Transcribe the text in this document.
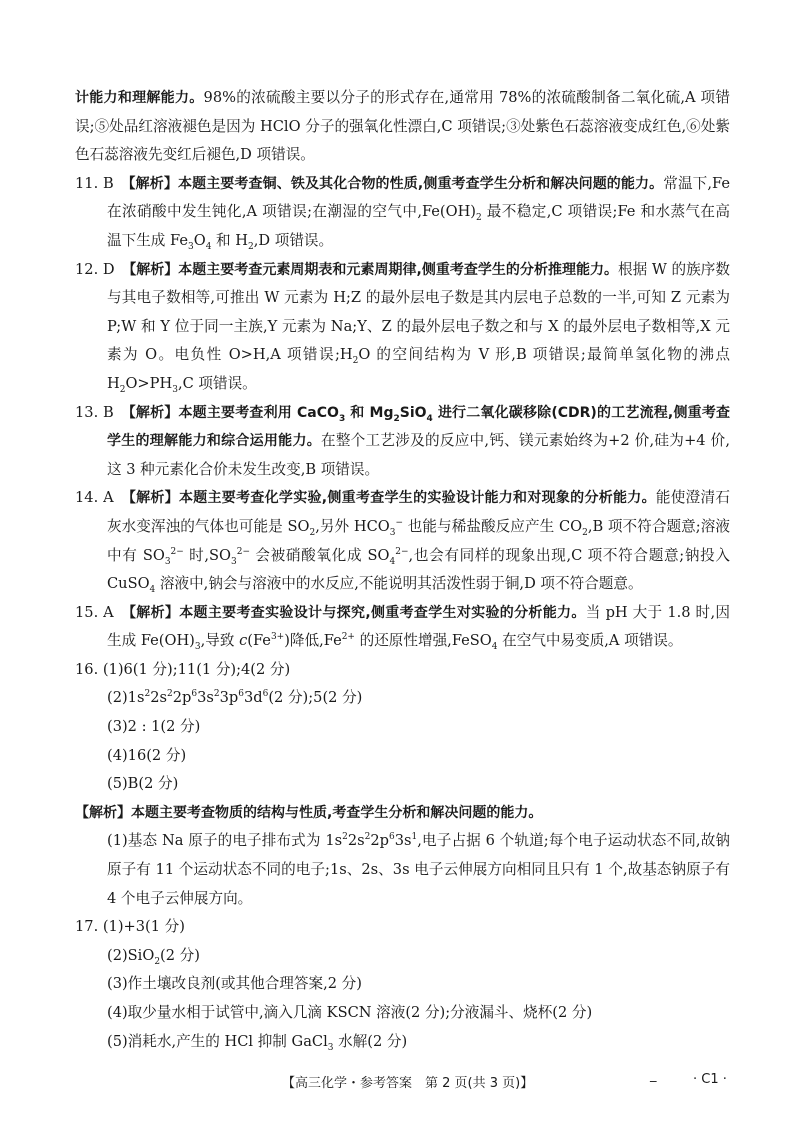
计能力和理解能力。98%的浓硫酸主要以分子的形式存在,通常用 78%的浓硫酸制备二氧化硫,A 项错误;⑤处品红溶液褪色是因为 HClO 分子的强氧化性漂白,C 项错误;③处紫色石蕊溶液变成红色,⑥处紫色石蕊溶液先变红后褪色,D 项错误。

11. B　【解析】本题主要考查铜、铁及其化合物的性质,侧重考查学生分析和解决问题的能力。常温下,Fe 在浓硝酸中发生钝化,A 项错误;在潮湿的空气中$,Fe(OH)_2$ 最不稳定,C 项错误;Fe 和水蒸气在高温下生成 $Fe_3O_4$ 和 $H_2,D$ 项错误。

12. D　【解析】本题主要考查元素周期表和元素周期律,侧重考查学生的分析推理能力。根据 W 的族序数与其电子数相等,可推出 W 元素为 H;Z 的最外层电子数是其内层电子总数的一半,可知 Z 元素为 P;W 和 Y 位于同一主族,Y 元素为 Na;Y、Z 的最外层电子数之和与 X 的最外层电子数相等,X 元素为 O。电负性 O>H,A 项错误$;H_2O$ 的空间结构为 V 形,B 项错误;最简单氢化物的沸点 $H_2O>PH_3,C$ 项错误。

13. B　【解析】本题主要考查利用 CaCO$_3$ 和 $Mg_2SiO_4$ 进行二氧化碳移除(CDR)的工艺流程,侧重考查学生的理解能力和综合运用能力。在整个工艺涉及的反应中,钙、镁元素始终为+2 价,硅为+4 价,这 3 种元素化合价未发生改变,B 项错误。

14. A　【解析】本题主要考查化学实验,侧重考查学生的实验设计能力和对现象的分析能力。能使澄清石灰水变浑浊的气体也可能是 $SO_2$,另外 $HCO_3^-$ 也能与稀盐酸反应产生 $CO_2,B$ 项不符合题意;溶液中有 $SO_3^{2-}$ 时$,SO_3^{2-}$ 会被硝酸氧化成 $SO_4^{2-}$,也会有同样的现象出现,C 项不符合题意;钠投入 CuSO$_4$ 溶液中,钠会与溶液中的水反应,不能说明其活泼性弱于铜,D 项不符合题意。

15. A　【解析】本题主要考查实验设计与探究,侧重考查学生对实验的分析能力。当 pH 大于 1.8 时,因生成 $Fe(OH)_3$,导致 $c(Fe^{3+})$降低$,Fe^{2+}$ 的还原性增强,FeSO$_4$ 在空气中易变质,A 项错误。

16. (1)6(1 分);11(1 分);4(2 分)

$(2)1s^22s^22p^63s^23p^63d^6(2$ 分);5(2 分)

(3)2 : 1(2 分)

(4)16(2 分)

(5)B(2 分)

【解析】本题主要考查物质的结构与性质,考查学生分析和解决问题的能力。

(1)基态 Na 原子的电子排布式为 $1s^22s^22p^63s^1$,电子占据 6 个轨道;每个电子运动状态不同,故钠原子有 11 个运动状态不同的电子;1s、2s、3s 电子云伸展方向相同且只有 1 个,故基态钠原子有 4 个电子云伸展方向。

17. (1)+3(1 分)

(2)SiO$_2$(2 分)

(3)作土壤改良剂(或其他合理答案,2 分)

(4)取少量水相于试管中,滴入几滴 KSCN 溶液(2 分);分液漏斗、烧杯(2 分)

(5)消耗水,产生的 HCl 抑制 GaCl$_3$ 水解(2 分)

【高三化学・参考答案　第 2 页(共 3 页)】
_	· C1 ·
